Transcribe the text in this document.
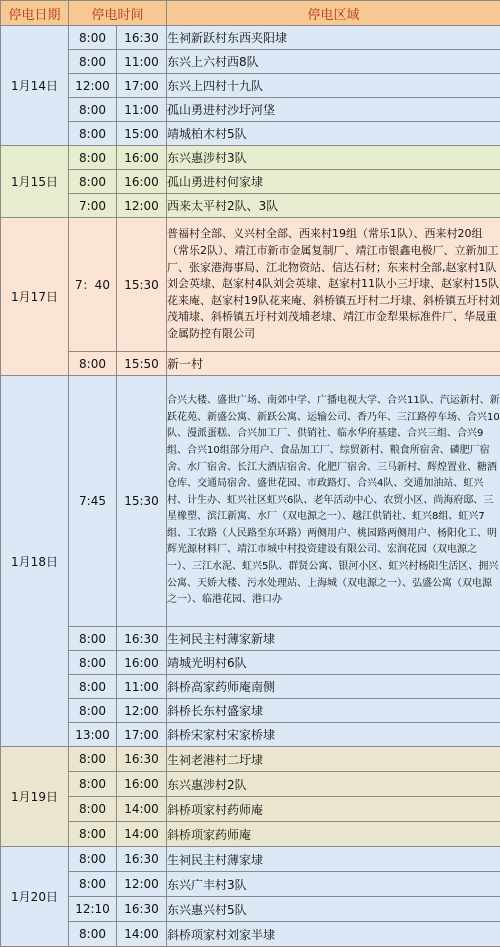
停电日期	停电时间		停电区域
1月14日	8:00	16:30	生祠新跃村东西夹阳埭
	8:00	11:00	东兴上六村西8队
	12:00	17:00	东兴上四村十九队
	8:00	11:00	孤山勇进村沙圩河垡
	8:00	15:00	靖城柏木村5队
1月15日	8:00	16:00	东兴惠涉村3队
	8:00	16:00	孤山勇进村何家埭
	7:00	12:00	西来太平村2队、3队
1月17日	7：40	15:30	普福村全部、义兴村全部、西来村19组（常乐1队）、西来村20组（常乐2队）、靖江市新市金属复制厂、靖江市银鑫电极厂、立新加工厂、张家港海事局、江北物资站、信达石材；东来村全部,赵家村1队刘会英埭、赵家村4队刘会英埭、赵家村11队小三圩埭、赵家村15队花来庵、赵家村19队花来庵、斜桥镇五圩村二圩埭、斜桥镇五圩村刘茂埔埭、斜桥镇五圩村刘茂埔老埭、靖江市金犁果标准件厂、华晟重金属防控有限公司
	8:00	15:50	新一村
1月18日	7:45	15:30	合兴大楼、盛世广场、南郊中学、广播电视大学、合兴11队、汽运新村、新跃花苑、新盛公寓、新跃公寓、运输公司、香乃年、三江路停车场、合兴10队、漫派蛋糕、合兴加工厂、供销社、临水华府基建、合兴三组、合兴9组、合兴10组部分用户、食品加工厂、综贸新村、粮食所宿舍、磷肥厂宿舍、水厂宿舍、长江大酒店宿舍、化肥厂宿舍、三马新村、辉煌置业、糖酒仓库、交通局宿舍、盛世花园、市政路灯、合兴4队、交通加油站、虹兴村、计生办、虹兴社区虹兴6队、老年活动中心、农贸小区、尚海府邸、三星橡塑、滨江新寓、水厂（双电源之一）、越江供销社、虹兴8组、虹兴7组、工农路（人民路至东环路）两侧用户、桃园路两侧用户、杨阳化工、明辉光源材料厂、靖江市城中村投资建设有限公司、宏润花园（双电源之一）、三江水泥、虹兴5队、群贤公寓、银河小区、虹兴村杨阳生活区、拥兴公寓、天娇大楼、污水处理站、上海城（双电源之一）、弘盛公寓（双电源之一）、临港花园、港口办
	8:00	16:30	生祠民主村薄家新埭
	8:00	16:00	靖城光明村6队
	8:00	11:00	斜桥高家药师庵南侧
	8:00	12:00	斜桥长东村盛家埭
	13:00	17:00	斜桥宋家村宋家桥埭
1月19日	8:00	16:30	生祠老港村二圩埭
	8:00	16:00	东兴惠涉村2队
	8:00	14:00	斜桥项家村药师庵
	8:00	14:00	斜桥项家药师庵
1月20日	8:00	16:30	生祠民主村薄家埭
	8:00	12:00	东兴广丰村3队
	12:10	16:30	东兴惠兴村5队
	8:00	14:00	斜桥项家村刘家半埭
